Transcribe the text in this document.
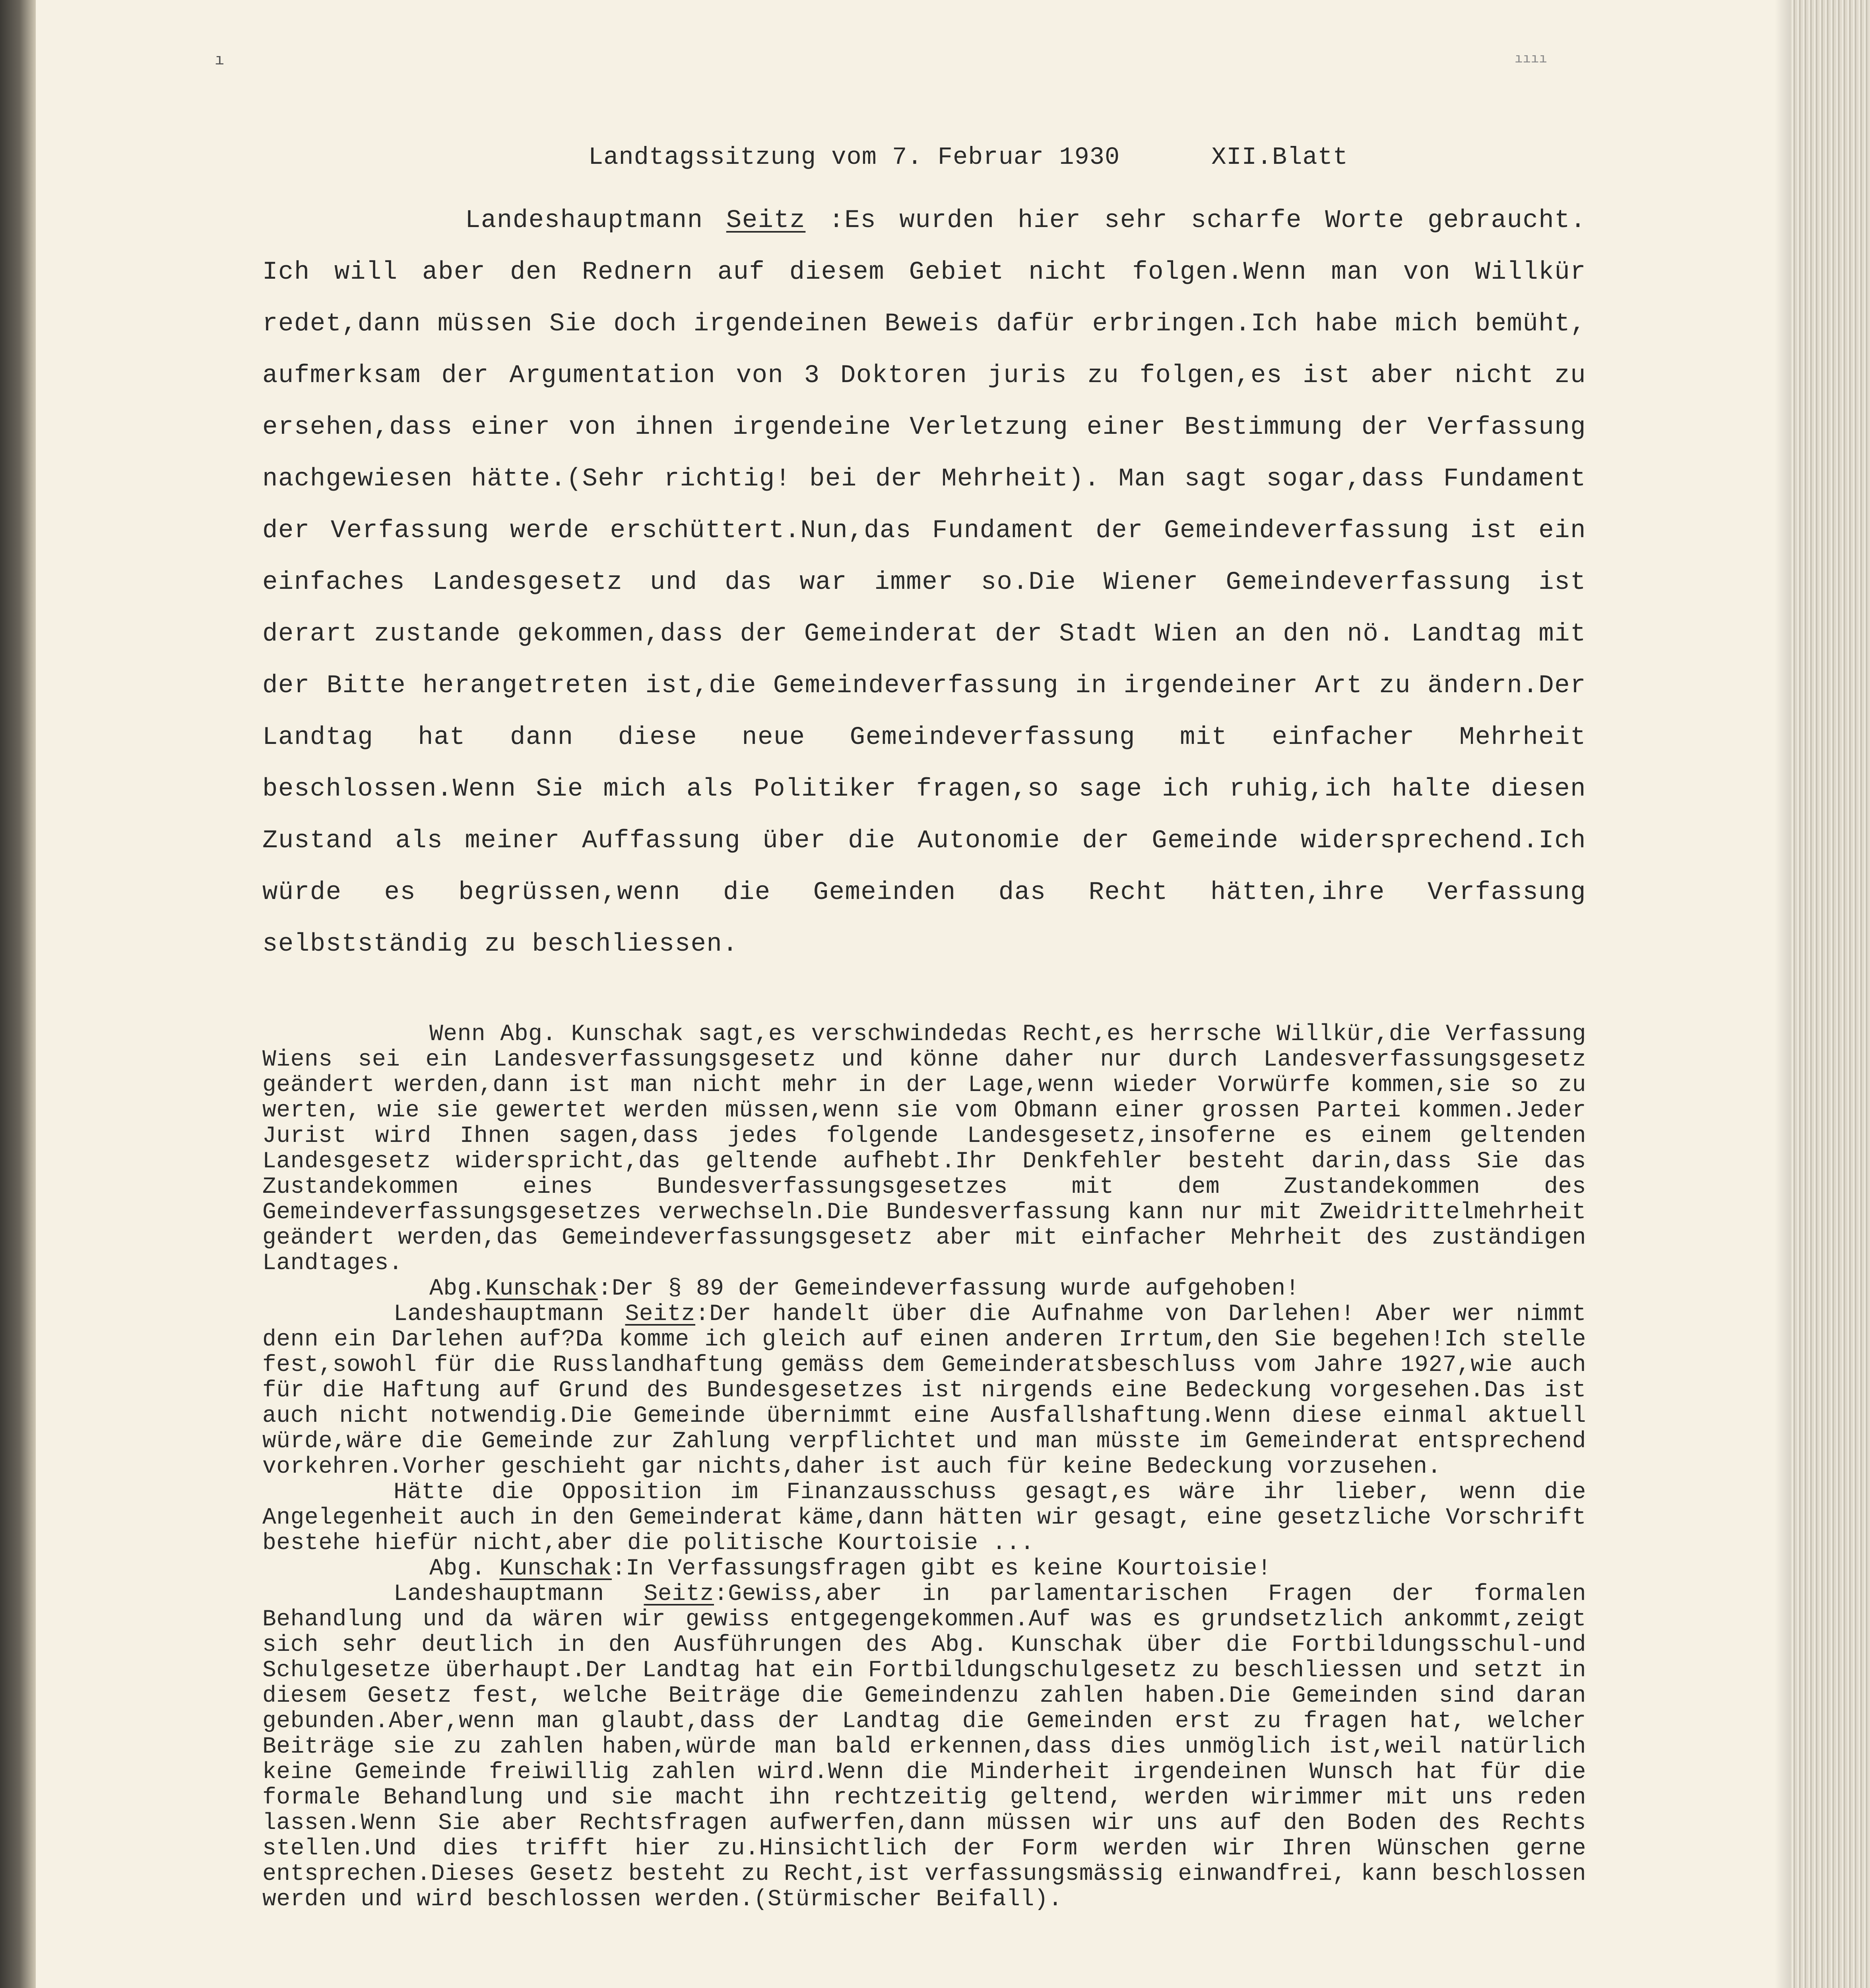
ı	ıııı
Landtagssitzung vom 7. Februar 1930	XII.Blatt

Landeshauptmann Seitz :Es wurden hier sehr scharfe Worte gebraucht. Ich will aber den Rednern auf diesem Gebiet nicht folgen.Wenn man von Willkür redet,dann müssen Sie doch irgendeinen Beweis dafür erbringen.Ich habe mich bemüht, aufmerksam der Argumentation von 3 Doktoren juris zu folgen,es ist aber nicht zu ersehen,dass einer von ihnen irgendeine Verletzung einer Bestimmung der Verfassung nachgewiesen hätte.(Sehr richtig! bei der Mehrheit). Man sagt sogar,dass Fundament der Verfassung werde erschüttert.Nun,das Fundament der Gemeindeverfassung ist ein einfaches Landesgesetz und das war immer so.Die Wiener Gemeindeverfassung ist derart zustande gekommen,dass der Gemeinderat der Stadt Wien an den nö. Landtag mit der Bitte herangetreten ist,die Gemeindeverfassung in irgendeiner Art zu ändern.Der Landtag hat dann diese neue Gemeindeverfassung mit einfacher Mehrheit beschlossen.Wenn Sie mich als Politiker fragen,so sage ich ruhig,ich halte diesen Zustand als meiner Auffassung über die Autonomie der Gemeinde widersprechend.Ich würde es begrüssen,wenn die Gemeinden das Recht hätten,ihre Verfassung selbstständig zu beschliessen.

Wenn Abg. Kunschak sagt,es verschwindedas Recht,es herrsche Willkür,die Verfassung Wiens sei ein Landesverfassungsgesetz und könne daher nur durch Landesverfassungsgesetz geändert werden,dann ist man nicht mehr in der Lage,wenn wieder Vorwürfe kommen,sie so zu werten, wie sie gewertet werden müssen,wenn sie vom Obmann einer grossen Partei kommen.Jeder Jurist wird Ihnen sagen,dass jedes folgende Landesgesetz,insoferne es einem geltenden Landesgesetz widerspricht,das geltende aufhebt.Ihr Denkfehler besteht darin,dass Sie das Zustandekommen eines Bundesverfassungsgesetzes mit dem Zustandekommen des Gemeindeverfassungsgesetzes verwechseln.Die Bundesverfassung kann nur mit Zweidrittelmehrheit geändert werden,das Gemeindeverfassungsgesetz aber mit einfacher Mehrheit des zuständigen Landtages.

Abg.Kunschak:Der § 89 der Gemeindeverfassung wurde aufgehoben!

Landeshauptmann Seitz:Der handelt über die Aufnahme von Darlehen! Aber wer nimmt denn ein Darlehen auf?Da komme ich gleich auf einen anderen Irrtum,den Sie begehen!Ich stelle fest,sowohl für die Russlandhaftung gemäss dem Gemeinderatsbeschluss vom Jahre 1927,wie auch für die Haftung auf Grund des Bundesgesetzes ist nirgends eine Bedeckung vorgesehen.Das ist auch nicht notwendig.Die Gemeinde übernimmt eine Ausfallshaftung.Wenn diese einmal aktuell würde,wäre die Gemeinde zur Zahlung verpflichtet und man müsste im Gemeinderat entsprechend vorkehren.Vorher geschieht gar nichts,daher ist auch für keine Bedeckung vorzusehen.

Hätte die Opposition im Finanzausschuss gesagt,es wäre ihr lieber, wenn die Angelegenheit auch in den Gemeinderat käme,dann hätten wir gesagt, eine gesetzliche Vorschrift bestehe hiefür nicht,aber die politische Kourtoisie ...

Abg. Kunschak:In Verfassungsfragen gibt es keine Kourtoisie!

Landeshauptmann Seitz:Gewiss,aber in parlamentarischen Fragen der formalen Behandlung und da wären wir gewiss entgegengekommen.Auf was es grundsetzlich ankommt,zeigt sich sehr deutlich in den Ausführungen des Abg. Kunschak über die Fortbildungsschul-und Schulgesetze überhaupt.Der Landtag hat ein Fortbildungschulgesetz zu beschliessen und setzt in diesem Gesetz fest, welche Beiträge die Gemeindenzu zahlen haben.Die Gemeinden sind daran gebunden.Aber,wenn man glaubt,dass der Landtag die Gemeinden erst zu fragen hat, welcher Beiträge sie zu zahlen haben,würde man bald erkennen,dass dies unmöglich ist,weil natürlich keine Gemeinde freiwillig zahlen wird.Wenn die Minderheit irgendeinen Wunsch hat für die formale Behandlung und sie macht ihn rechtzeitig geltend, werden wirimmer mit uns reden lassen.Wenn Sie aber Rechtsfragen aufwerfen,dann müssen wir uns auf den Boden des Rechts stellen.Und dies trifft hier zu.Hinsichtlich der Form werden wir Ihren Wünschen gerne entsprechen.Dieses Gesetz besteht zu Recht,ist verfassungsmässig einwandfrei, kann beschlossen werden und wird beschlossen werden.(Stürmischer Beifall).
